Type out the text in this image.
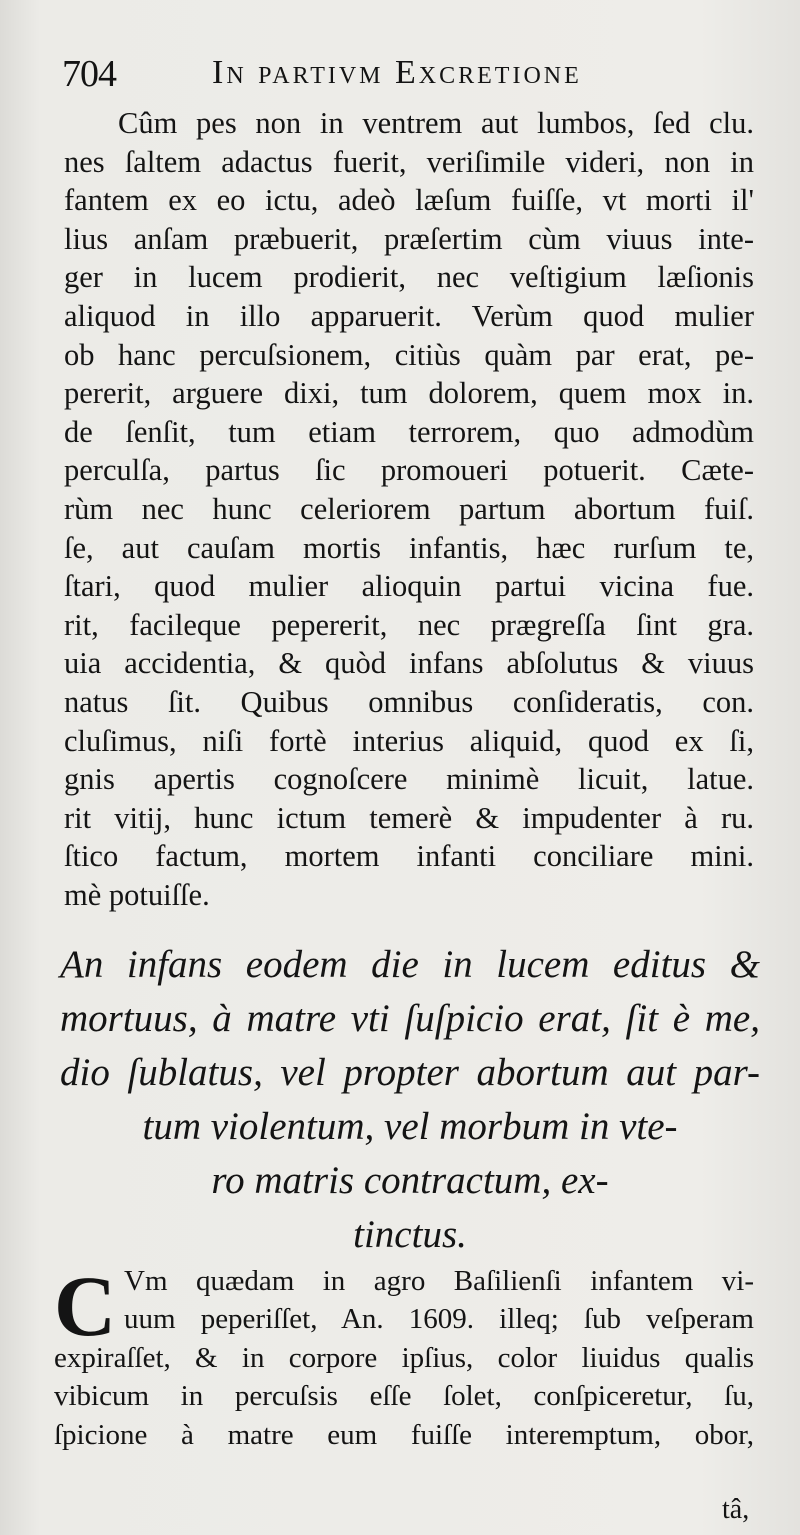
704	In partivm Excretione
Cûm pes non in ventrem aut lumbos, ſed clu.
nes ſaltem adactus fuerit, veriſimile videri, non in
fantem ex eo ictu, adeò læſum fuiſſe, vt morti il'
lius anſam præbuerit, præſertim cùm viuus inte-
ger in lucem prodierit, nec veſtigium læſionis
aliquod in illo apparuerit. Verùm quod mulier
ob hanc percuſsionem, citiùs quàm par erat, pe-
pererit, arguere dixi, tum dolorem, quem mox in.
de ſenſit, tum etiam terrorem, quo admodùm
perculſa, partus ſic promoueri potuerit. Cæte-
rùm nec hunc celeriorem partum abortum fuiſ.
ſe, aut cauſam mortis infantis, hæc rurſum te,
ſtari, quod mulier alioquin partui vicina fue.
rit, facileque pepererit, nec prægreſſa ſint gra.
uia accidentia, & quòd infans abſolutus & viuus
natus ſit. Quibus omnibus conſideratis, con.
cluſimus, niſi fortè interius aliquid, quod ex ſi,
gnis apertis cognoſcere minimè licuit, latue.
rit vitij, hunc ictum temerè & impudenter à ru.
ſtico factum, mortem infanti conciliare mini.
mè potuiſſe.
An infans eodem die in lucem editus &
mortuus, à matre vti ſuſpicio erat, ſit è me,
dio ſublatus, vel propter abortum aut par-
tum violentum, vel morbum in vte-
ro matris contractum, ex-
tinctus.
C Vm quædam in agro Baſilienſi infantem vi-
uum peperiſſet, An. 1609. illeq; ſub veſperam
expiraſſet, & in corpore ipſius, color liuidus qualis
vibicum in percuſsis eſſe ſolet, conſpiceretur, ſu,
ſpicione à matre eum fuiſſe interemptum, obor,
tâ,
